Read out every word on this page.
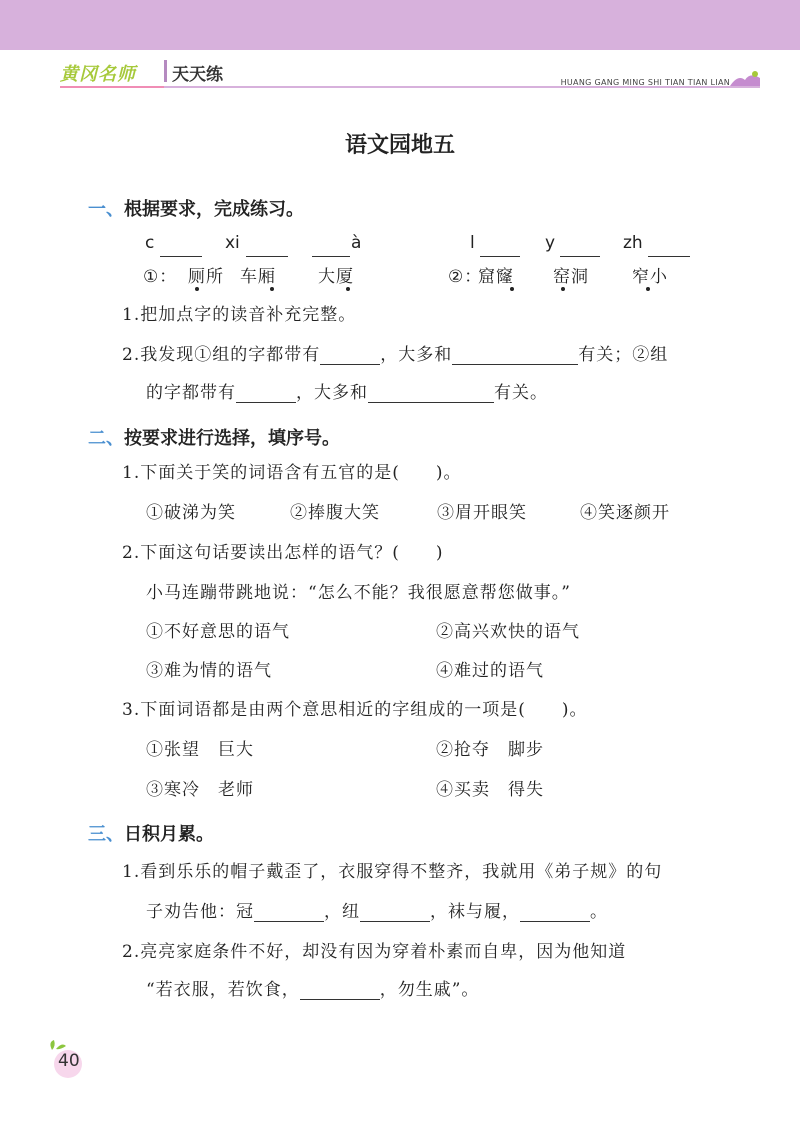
黄冈名师 天天练	HUANG GANG MING SHI TIAN TIAN LIAN
语文园地五
一、根据要求，完成练习。
c	xi	à	l	y	zh
①： 厕所 车厢 大厦	②：
窟窿 窑洞	窄小
1.把加点字的读音补充完整。
2.我发现①组的字都带有	，大多和	有关；②组
的字都带有	，大多和	有关。
二、按要求进行选择，填序号。
1.下面关于笑的词语含有五官的是(　　)。
①破涕为笑	②捧腹大笑	③眉开眼笑	④笑逐颜开
2.下面这句话要读出怎样的语气？(　　)
小马连蹦带跳地说：“怎么不能？我很愿意帮您做事。”
①不好意思的语气	②高兴欢快的语气
③难为情的语气	④难过的语气
3.下面词语都是由两个意思相近的字组成的一项是(　　)。
①张望　巨大	②抢夺　脚步
③寒冷　老师	④买卖　得失
三、日积月累。
1.看到乐乐的帽子戴歪了，衣服穿得不整齐，我就用《弟子规》的句
子劝告他：冠	，纽	，袜与履，	。
2.亮亮家庭条件不好，却没有因为穿着朴素而自卑，因为他知道
“若衣服，若饮食，	，勿生戚”。
40
